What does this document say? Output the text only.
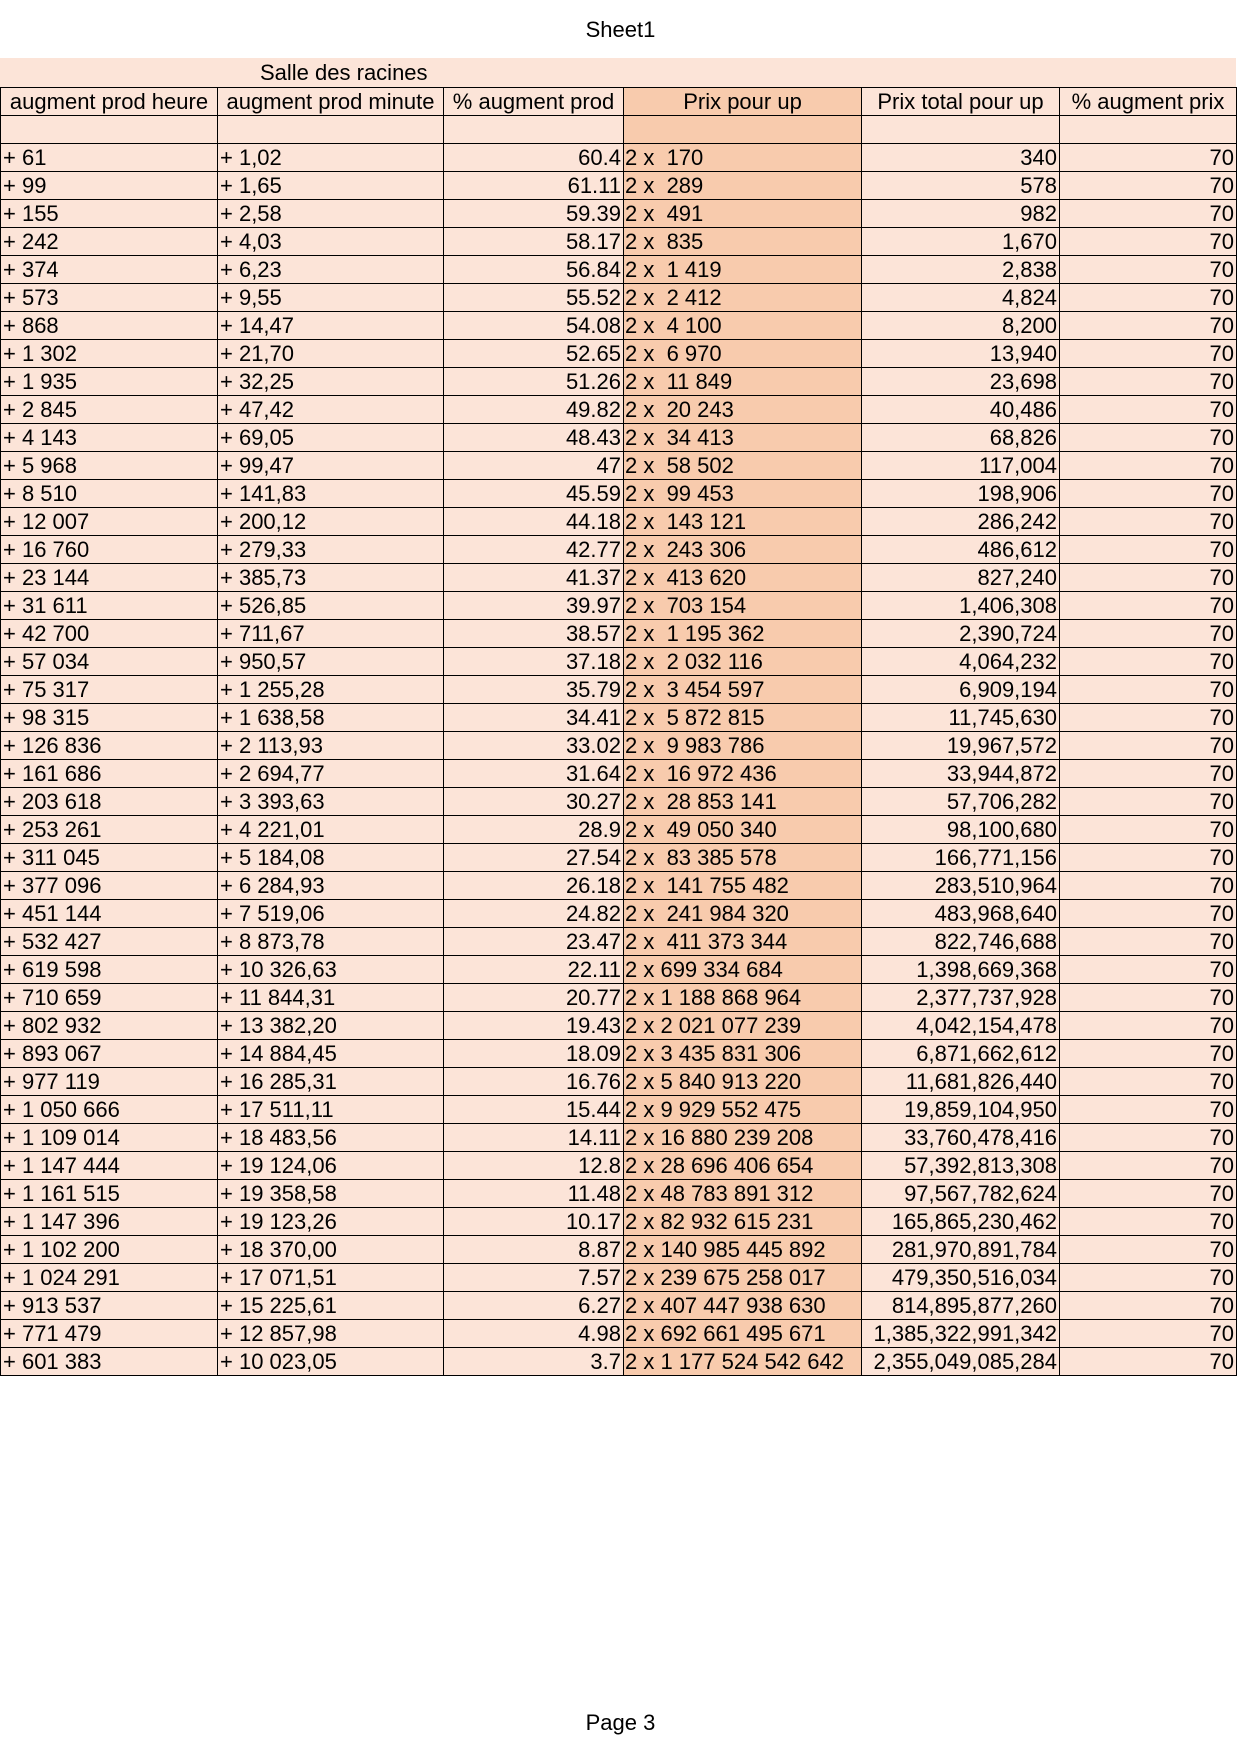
Sheet1
Salle des racines
augment prod heure	augment prod minute	% augment prod	Prix pour up	Prix total pour up	% augment prix

+ 61	+ 1,02	60.4	2 x  170	340	70
+ 99	+ 1,65	61.11	2 x  289	578	70
+ 155	+ 2,58	59.39	2 x  491	982	70
+ 242	+ 4,03	58.17	2 x  835	1,670	70
+ 374	+ 6,23	56.84	2 x  1 419	2,838	70
+ 573	+ 9,55	55.52	2 x  2 412	4,824	70
+ 868	+ 14,47	54.08	2 x  4 100	8,200	70
+ 1 302	+ 21,70	52.65	2 x  6 970	13,940	70
+ 1 935	+ 32,25	51.26	2 x  11 849	23,698	70
+ 2 845	+ 47,42	49.82	2 x  20 243	40,486	70
+ 4 143	+ 69,05	48.43	2 x  34 413	68,826	70
+ 5 968	+ 99,47	47	2 x  58 502	117,004	70
+ 8 510	+ 141,83	45.59	2 x  99 453	198,906	70
+ 12 007	+ 200,12	44.18	2 x  143 121	286,242	70
+ 16 760	+ 279,33	42.77	2 x  243 306	486,612	70
+ 23 144	+ 385,73	41.37	2 x  413 620	827,240	70
+ 31 611	+ 526,85	39.97	2 x  703 154	1,406,308	70
+ 42 700	+ 711,67	38.57	2 x  1 195 362	2,390,724	70
+ 57 034	+ 950,57	37.18	2 x  2 032 116	4,064,232	70
+ 75 317	+ 1 255,28	35.79	2 x  3 454 597	6,909,194	70
+ 98 315	+ 1 638,58	34.41	2 x  5 872 815	11,745,630	70
+ 126 836	+ 2 113,93	33.02	2 x  9 983 786	19,967,572	70
+ 161 686	+ 2 694,77	31.64	2 x  16 972 436	33,944,872	70
+ 203 618	+ 3 393,63	30.27	2 x  28 853 141	57,706,282	70
+ 253 261	+ 4 221,01	28.9	2 x  49 050 340	98,100,680	70
+ 311 045	+ 5 184,08	27.54	2 x  83 385 578	166,771,156	70
+ 377 096	+ 6 284,93	26.18	2 x  141 755 482	283,510,964	70
+ 451 144	+ 7 519,06	24.82	2 x  241 984 320	483,968,640	70
+ 532 427	+ 8 873,78	23.47	2 x  411 373 344	822,746,688	70
+ 619 598	+ 10 326,63	22.11	2 x 699 334 684	1,398,669,368	70
+ 710 659	+ 11 844,31	20.77	2 x 1 188 868 964	2,377,737,928	70
+ 802 932	+ 13 382,20	19.43	2 x 2 021 077 239	4,042,154,478	70
+ 893 067	+ 14 884,45	18.09	2 x 3 435 831 306	6,871,662,612	70
+ 977 119	+ 16 285,31	16.76	2 x 5 840 913 220	11,681,826,440	70
+ 1 050 666	+ 17 511,11	15.44	2 x 9 929 552 475	19,859,104,950	70
+ 1 109 014	+ 18 483,56	14.11	2 x 16 880 239 208	33,760,478,416	70
+ 1 147 444	+ 19 124,06	12.8	2 x 28 696 406 654	57,392,813,308	70
+ 1 161 515	+ 19 358,58	11.48	2 x 48 783 891 312	97,567,782,624	70
+ 1 147 396	+ 19 123,26	10.17	2 x 82 932 615 231	165,865,230,462	70
+ 1 102 200	+ 18 370,00	8.87	2 x 140 985 445 892	281,970,891,784	70
+ 1 024 291	+ 17 071,51	7.57	2 x 239 675 258 017	479,350,516,034	70
+ 913 537	+ 15 225,61	6.27	2 x 407 447 938 630	814,895,877,260	70
+ 771 479	+ 12 857,98	4.98	2 x 692 661 495 671	1,385,322,991,342	70
+ 601 383	+ 10 023,05	3.7	2 x 1 177 524 542 642	2,355,049,085,284	70
Page 3
